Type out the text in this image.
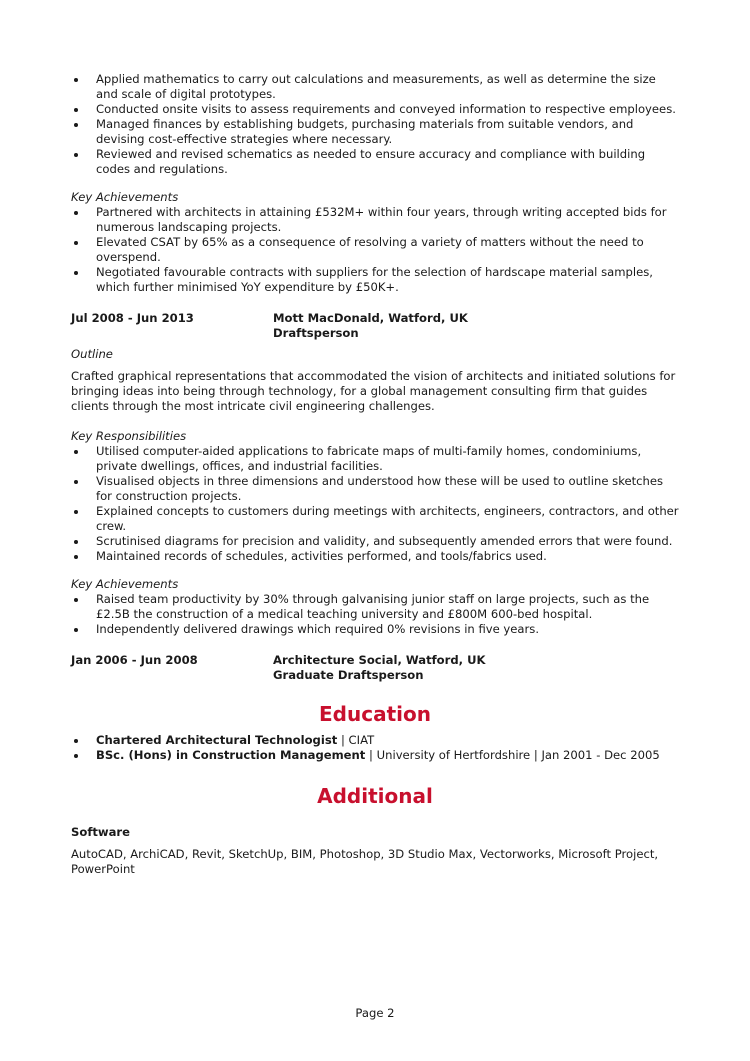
Applied mathematics to carry out calculations and measurements, as well as determine the size and scale of digital prototypes.
Conducted onsite visits to assess requirements and conveyed information to respective employees.
Managed finances by establishing budgets, purchasing materials from suitable vendors, and devising cost-effective strategies where necessary.
Reviewed and revised schematics as needed to ensure accuracy and compliance with building codes and regulations.
Key Achievements
Partnered with architects in attaining £532M+ within four years, through writing accepted bids for numerous landscaping projects.
Elevated CSAT by 65% as a consequence of resolving a variety of matters without the need to overspend.
Negotiated favourable contracts with suppliers for the selection of hardscape material samples, which further minimised YoY expenditure by £50K+.
Jul 2008 - Jun 2013	Mott MacDonald, Watford, UK
Draftsperson
Outline
Crafted graphical representations that accommodated the vision of architects and initiated solutions for bringing ideas into being through technology, for a global management consulting firm that guides clients through the most intricate civil engineering challenges.
Key Responsibilities
Utilised computer-aided applications to fabricate maps of multi-family homes, condominiums, private dwellings, offices, and industrial facilities.
Visualised objects in three dimensions and understood how these will be used to outline sketches for construction projects.
Explained concepts to customers during meetings with architects, engineers, contractors, and other crew.
Scrutinised diagrams for precision and validity, and subsequently amended errors that were found.
Maintained records of schedules, activities performed, and tools/fabrics used.
Key Achievements
Raised team productivity by 30% through galvanising junior staff on large projects, such as the £2.5B the construction of a medical teaching university and £800M 600-bed hospital.
Independently delivered drawings which required 0% revisions in five years.
Jan 2006 - Jun 2008	Architecture Social, Watford, UK
Graduate Draftsperson
Education
Chartered Architectural Technologist | CIAT
BSc. (Hons) in Construction Management | University of Hertfordshire | Jan 2001 - Dec 2005
Additional
Software
AutoCAD, ArchiCAD, Revit, SketchUp, BIM, Photoshop, 3D Studio Max, Vectorworks, Microsoft Project, PowerPoint
Page 2
